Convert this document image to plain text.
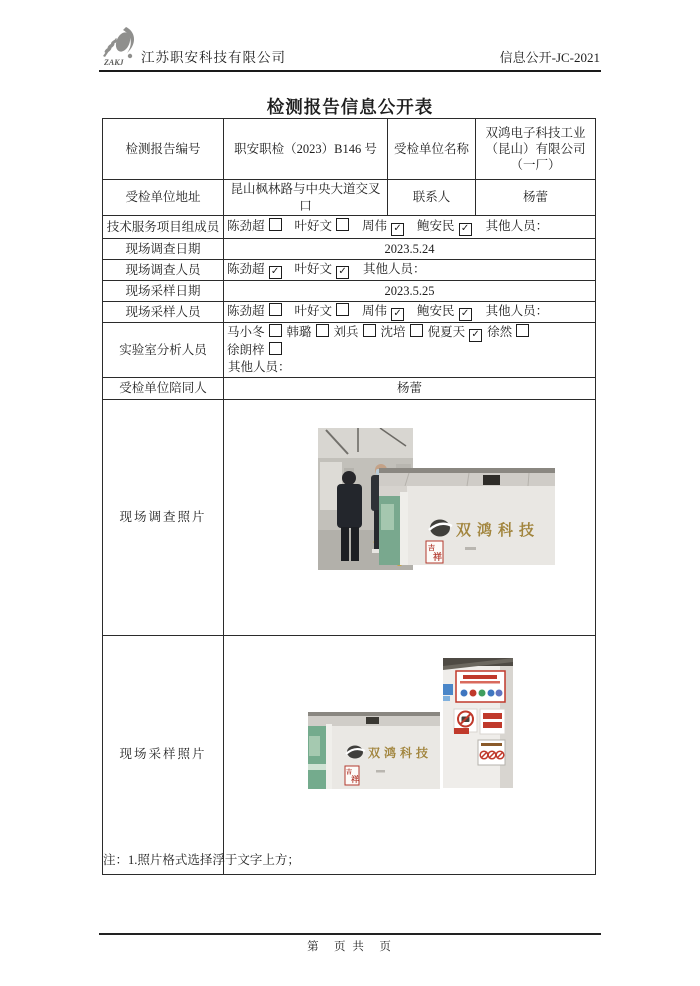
ZAKJ 江苏职安科技有限公司	信息公开-JC-2021
检测报告信息公开表
检测报告编号	职安职检（2023）B146 号	受检单位名称	双鸿电子科技工业（昆山）有限公司（一厂）
受检单位地址	昆山枫林路与中央大道交叉口	联系人	杨蕾
技术服务项目组成员	陈劲超 叶好文 周伟 ✓ 鲍安民 ✓ 其他人员：		
现场调查日期	2023.5.24		
现场调查人员	陈劲超 ✓ 叶好文 ✓ 其他人员：		
现场采样日期	2023.5.25		
现场采样人员	陈劲超 叶好文 周伟 ✓ 鲍安民 ✓ 其他人员：		
实验室分析人员	马小冬 韩璐 刘兵 沈培 倪夏天 ✓ 徐然徐朗梓
其他人员：		

受检单位陪同人	杨蕾		
现场调查照片			
现场采样照片			
双鸿科技
吉
祥
双鸿科技
吉
祥
注：1.照片格式选择浮于文字上方；
第　页 共　页
